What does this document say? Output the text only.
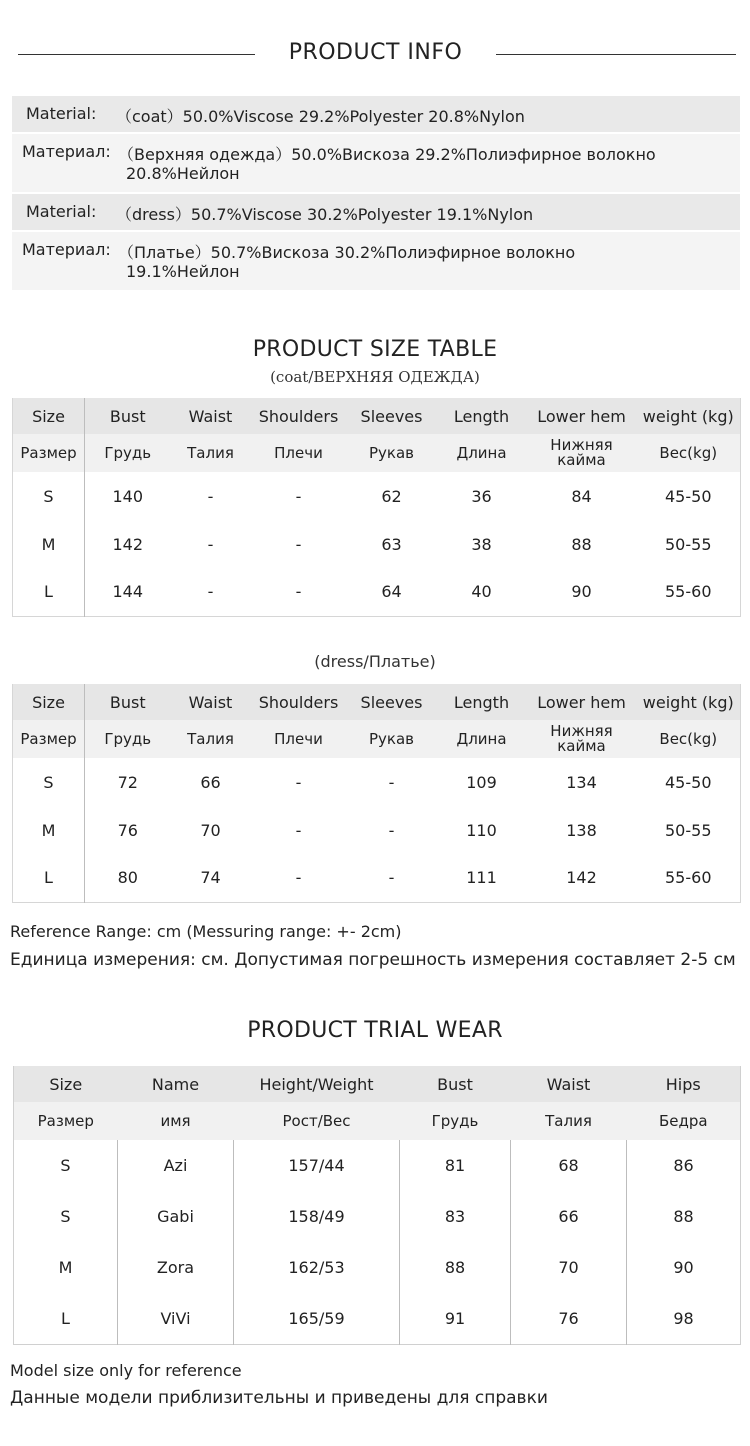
PRODUCT INFO
Material: （coat）50.0%Viscose 29.2%Polyester 20.8%Nylon
Материал: （Верхняя одежда）50.0%Вискоза 29.2%Полиэфирное волокно
20.8%Нейлон
Material: （dress）50.7%Viscose 30.2%Polyester 19.1%Nylon
Материал: （Платье）50.7%Вискоза 30.2%Полиэфирное волокно
19.1%Нейлон
PRODUCT SIZE TABLE
(coat/ВЕРХНЯЯ ОДЕЖДА)
Size	Bust	Waist	Shoulders	Sleeves	Length	Lower hem	weight (kg)
Размер	Грудь	Талия	Плечи	Рукав	Длина	Нижняя кайма	Вес(kg)
S	140	-	-	62	36	84	45-50
M	142	-	-	63	38	88	50-55
L	144	-	-	64	40	90	55-60
(dress/Платье)
Size	Bust	Waist	Shoulders	Sleeves	Length	Lower hem	weight (kg)
Размер	Грудь	Талия	Плечи	Рукав	Длина	Нижняя кайма	Вес(kg)
S	72	66	-	-	109	134	45-50
M	76	70	-	-	110	138	50-55
L	80	74	-	-	111	142	55-60
Reference Range: cm (Messuring range: +- 2cm)
Единица измерения: см. Допустимая погрешность измерения составляет 2-5 см
PRODUCT TRIAL WEAR
Size	Name	Height/Weight	Bust	Waist	Hips
Размер	имя	Рост/Вес	Грудь	Талия	Бедра
S	Azi	157/44	81	68	86
S	Gabi	158/49	83	66	88
M	Zora	162/53	88	70	90
L	ViVi	165/59	91	76	98
Model size only for reference
Данные модели приблизительны и приведены для справки
